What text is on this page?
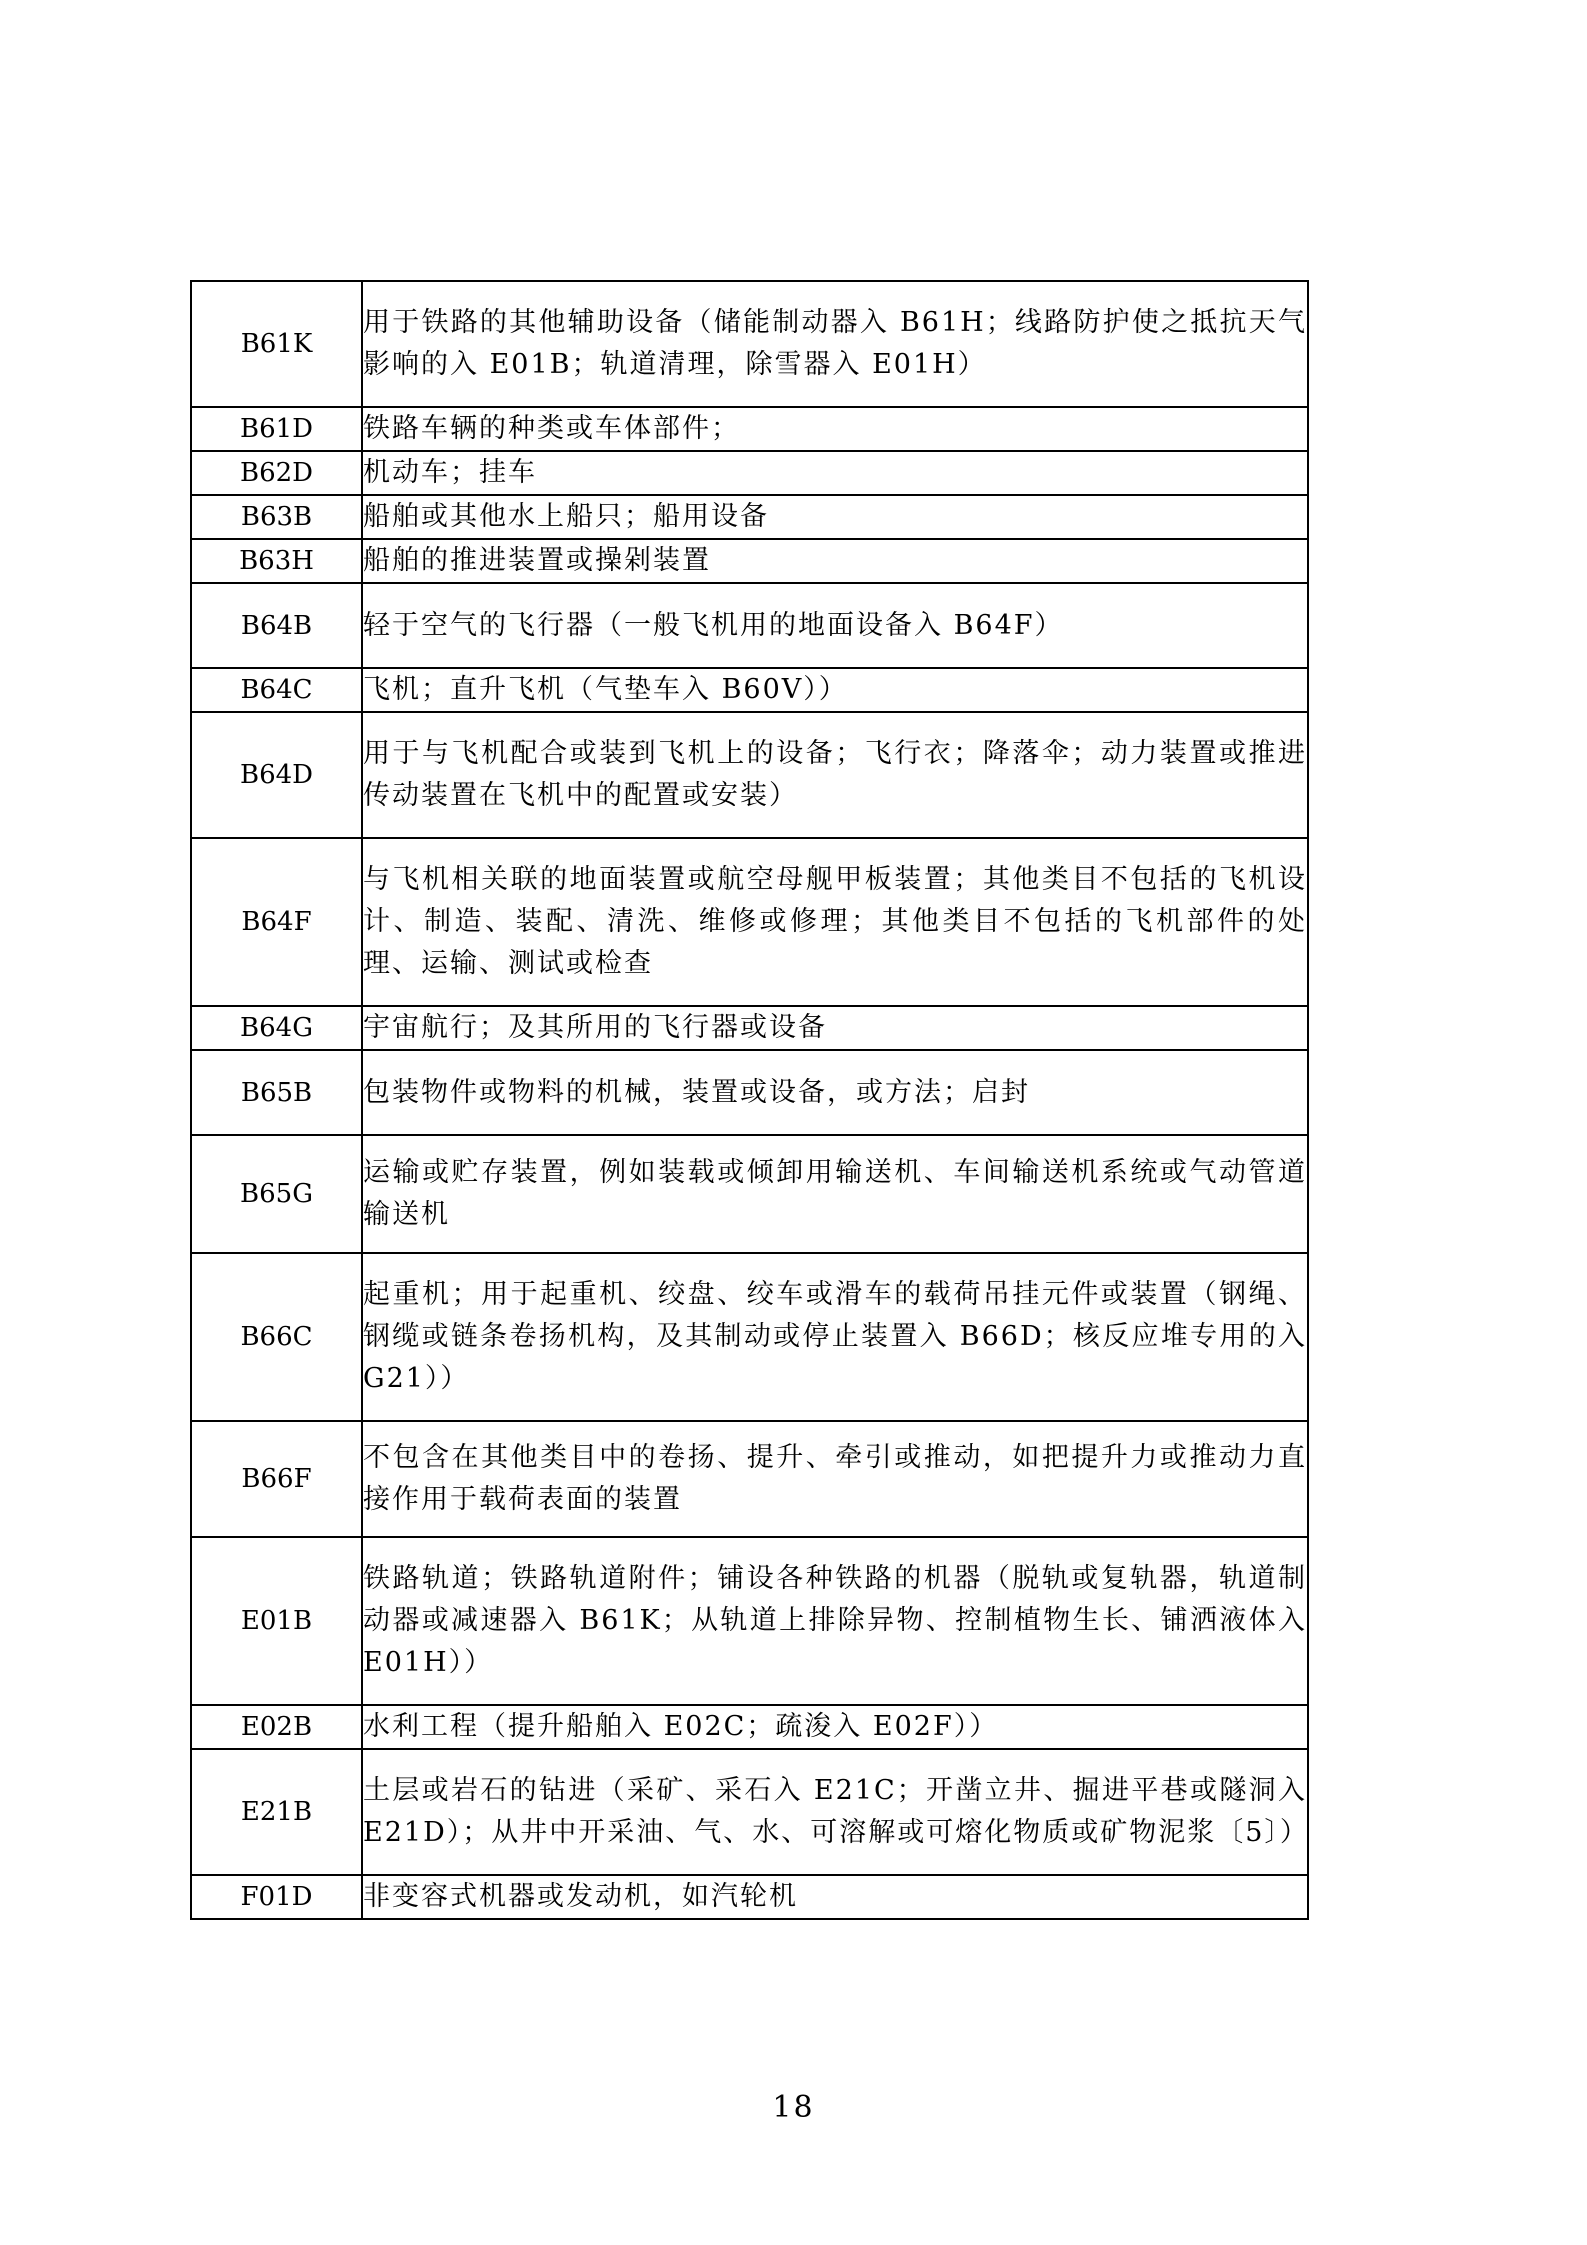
B61K	用于铁路的其他辅助设备（储能制动器入 B61H；线路防护使之抵抗天气影响的入 E01B；轨道清理，除雪器入 E01H）
B61D	铁路车辆的种类或车体部件；
B62D	机动车；挂车
B63B	船舶或其他水上船只；船用设备
B63H	船舶的推进装置或操剁装置
B64B	轻于空气的飞行器（一般飞机用的地面设备入 B64F）
B64C	飞机；直升飞机（气垫车入 B60V））
B64D	用于与飞机配合或装到飞机上的设备；飞行衣；降落伞；动力装置或推进传动装置在飞机中的配置或安装）
B64F	与飞机相关联的地面装置或航空母舰甲板装置；其他类目不包括的飞机设计、制造、装配、清洗、维修或修理；其他类目不包括的飞机部件的处理、运输、测试或检查
B64G	宇宙航行；及其所用的飞行器或设备
B65B	包装物件或物料的机械，装置或设备，或方法；启封
B65G	运输或贮存装置，例如装载或倾卸用输送机、车间输送机系统或气动管道输送机
B66C	起重机；用于起重机、绞盘、绞车或滑车的载荷吊挂元件或装置（钢绳、钢缆或链条卷扬机构，及其制动或停止装置入 B66D；核反应堆专用的入 G21））
B66F	不包含在其他类目中的卷扬、提升、牵引或推动，如把提升力或推动力直接作用于载荷表面的装置
E01B	铁路轨道；铁路轨道附件；铺设各种铁路的机器（脱轨或复轨器，轨道制动器或减速器入 B61K；从轨道上排除异物、控制植物生长、铺洒液体入 E01H））
E02B	水利工程（提升船舶入 E02C；疏浚入 E02F））
E21B	土层或岩石的钻进（采矿、采石入 E21C；开凿立井、掘进平巷或隧洞入 E21D）；从井中开采油、气、水、可溶解或可熔化物质或矿物泥浆〔5〕）
F01D	非变容式机器或发动机，如汽轮机
18
